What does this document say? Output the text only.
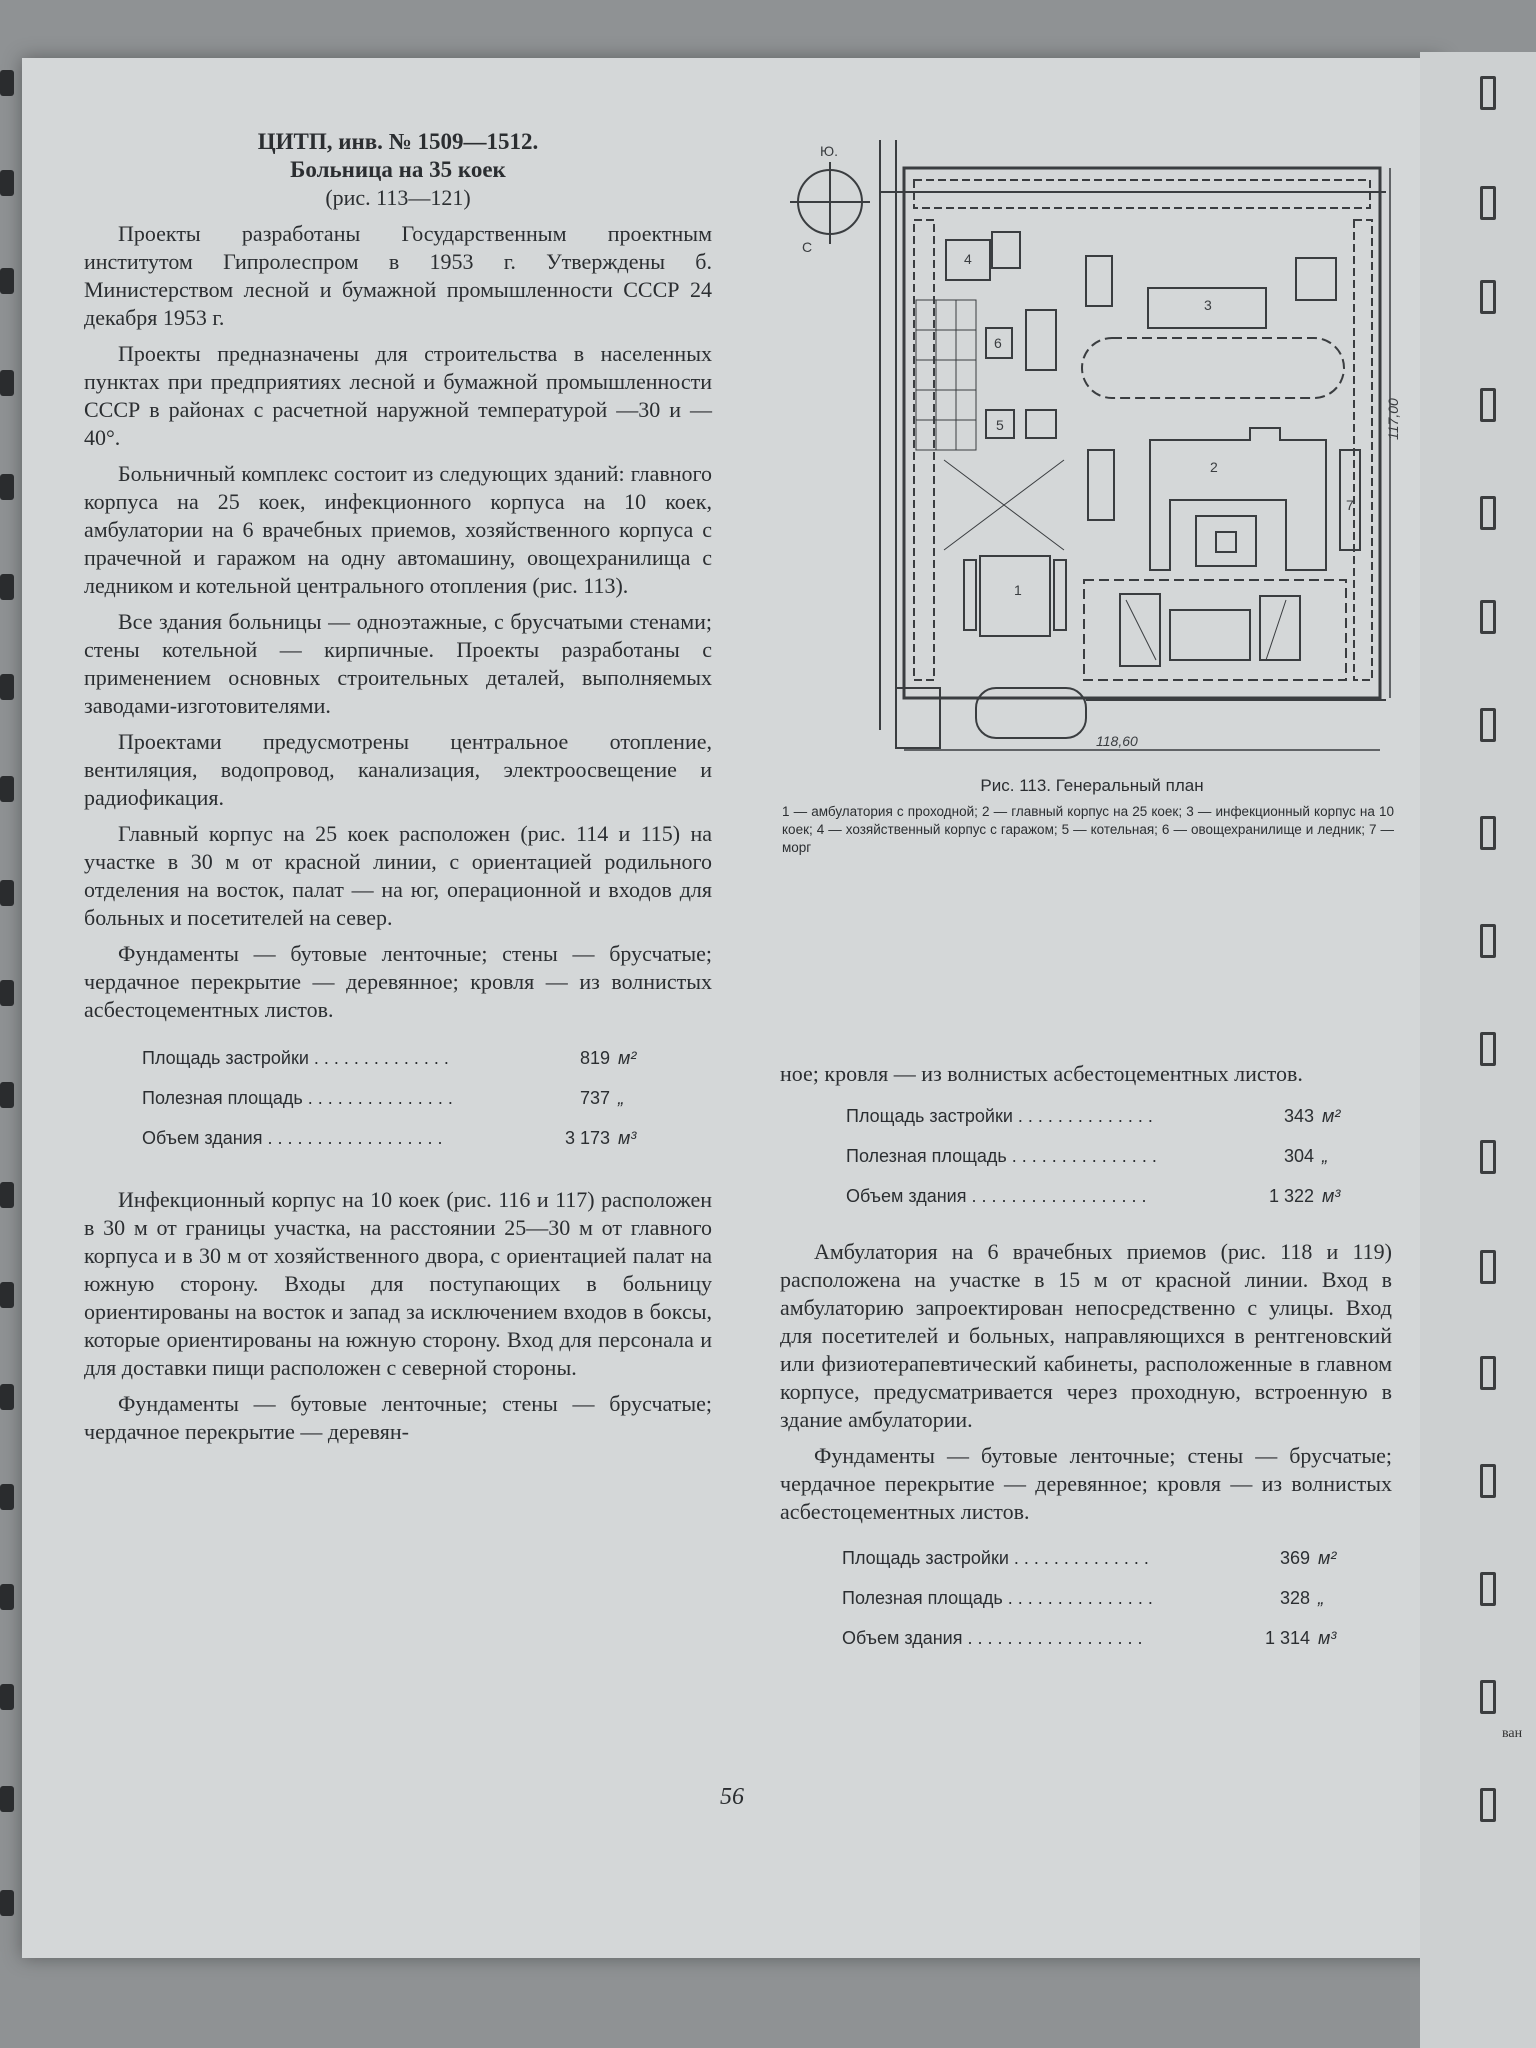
ван

ЦИТП, инв. № 1509—1512. Больница на 35 коек

(рис. 113—121)

Проекты разработаны Государственным проектным институтом Гипролеспром в 1953 г. Утверждены б. Министерством лесной и бумажной промышленности СССР 24 декабря 1953 г.

Проекты предназначены для строительства в населенных пунктах при предприятиях лесной и бумажной промышленности СССР в районах с расчетной наружной температурой —30 и —40°.

Больничный комплекс состоит из следующих зданий: главного корпуса на 25 коек, инфекционного корпуса на 10 коек, амбулатории на 6 врачебных приемов, хозяйственного корпуса с прачечной и гаражом на одну автомашину, овощехранилища с ледником и котельной центрального отопления (рис. 113).

Все здания больницы — одноэтажные, с брусчатыми стенами; стены котельной — кирпичные. Проекты разработаны с применением основных строительных деталей, выполняемых заводами-изготовителями.

Проектами предусмотрены центральное отопление, вентиляция, водопровод, канализация, электроосвещение и радиофикация.

Главный корпус на 25 коек расположен (рис. 114 и 115) на участке в 30 м от красной линии, с ориентацией родильного отделения на восток, палат — на юг, операционной и входов для больных и посетителей на север.

Фундаменты — бутовые ленточные; стены — брусчатые; чердачное перекрытие — деревянное; кровля — из волнистых асбестоцементных листов.

Площадь застройки . . . . . . . . . . . . . .	819 м²
Полезная площадь . . . . . . . . . . . . . . .	737 „
Объем здания . . . . . . . . . . . . . . . . . .	3 173 м³

Инфекционный корпус на 10 коек (рис. 116 и 117) расположен в 30 м от границы участка, на расстоянии 25—30 м от главного корпуса и в 30 м от хозяйственного двора, с ориентацией палат на южную сторону. Входы для поступающих в больницу ориентированы на восток и запад за исключением входов в боксы, которые ориентированы на южную сторону. Вход для персонала и для доставки пищи расположен с северной стороны.

Фундаменты — бутовые ленточные; стены — брусчатые; чердачное перекрытие — деревян-

Ю.
С
1
2
3
4
5
6
7
118,60
117,00
Рис. 113. Генеральный план
1 — амбулатория с проходной; 2 — главный корпус на 25 коек; 3 — инфекционный корпус на 10 коек; 4 — хозяйственный корпус с гаражом; 5 — котельная; 6 — овощехранилище и ледник; 7 — морг

ное; кровля — из волнистых асбестоцементных листов.

Площадь застройки . . . . . . . . . . . . . .	343 м²
Полезная площадь . . . . . . . . . . . . . . .	304 „
Объем здания . . . . . . . . . . . . . . . . . .	1 322 м³

Амбулатория на 6 врачебных приемов (рис. 118 и 119) расположена на участке в 15 м от красной линии. Вход в амбулаторию запроектирован непосредственно с улицы. Вход для посетителей и больных, направляющихся в рентгеновский или физиотерапевтический кабинеты, расположенные в главном корпусе, предусматривается через проходную, встроенную в здание амбулатории.

Фундаменты — бутовые ленточные; стены — брусчатые; чердачное перекрытие — деревянное; кровля — из волнистых асбестоцементных листов.

Площадь застройки . . . . . . . . . . . . . .	369 м²
Полезная площадь . . . . . . . . . . . . . . .	328 „
Объем здания . . . . . . . . . . . . . . . . . .	1 314 м³
56
